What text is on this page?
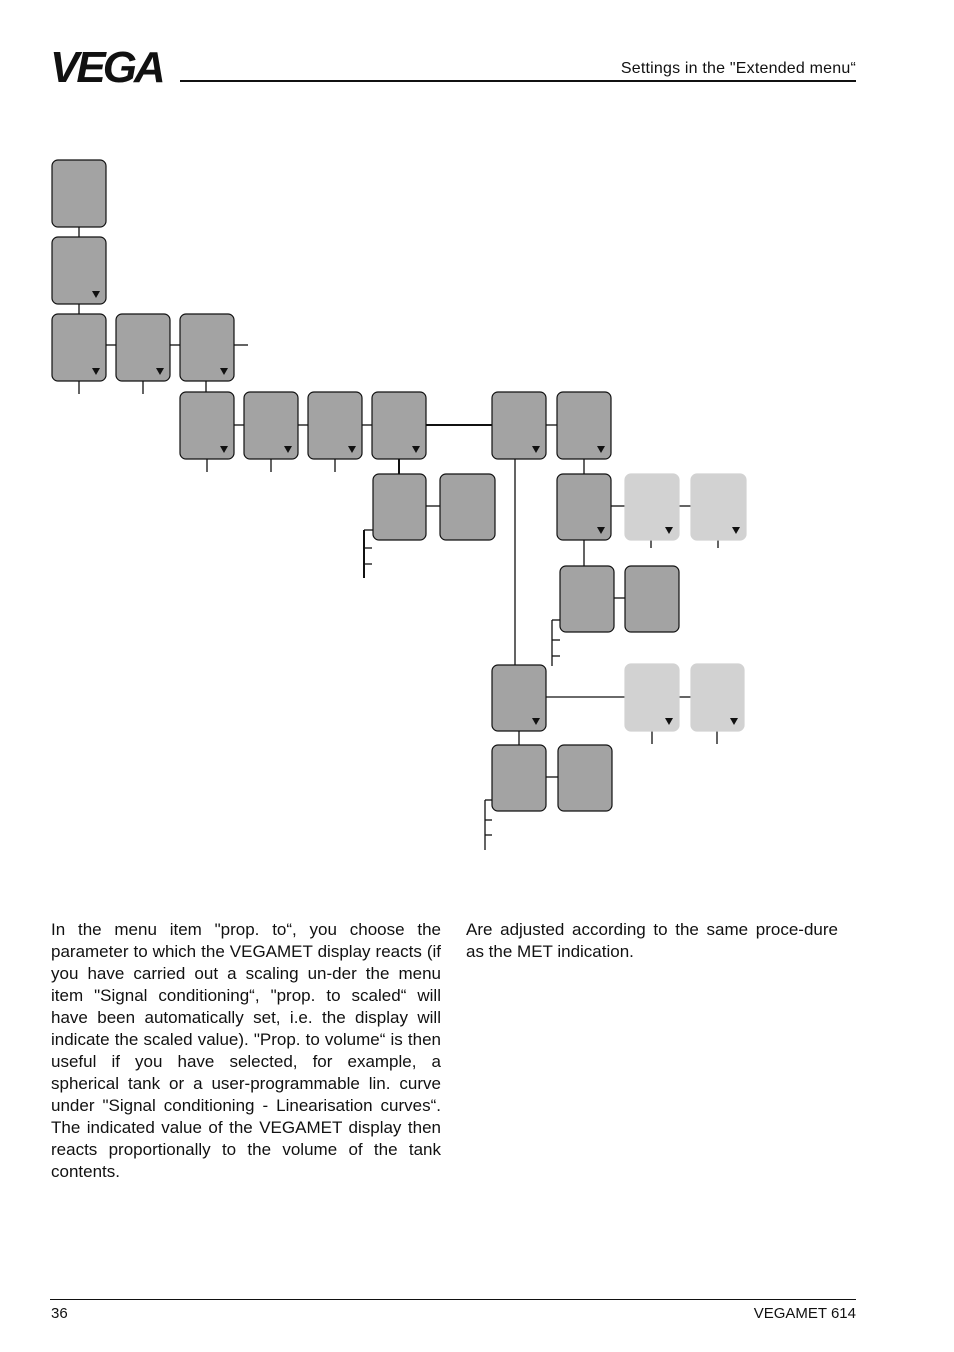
VEGA	Settings in the "Extended menu“
In the menu item "prop. to“, you choose the parameter to which the VEGAMET display reacts (if you have carried out a scaling un-der the menu item "Signal conditioning“, "prop. to scaled“ will have been automatically set, i.e. the display will indicate the scaled value). "Prop. to volume“ is then useful if you have selected, for example, a spherical tank or a user-programmable lin. curve under "Signal conditioning - Linearisation curves“. The indicated value of the VEGAMET display then reacts proportionally to the volume of the tank contents.
Are adjusted according to the same proce-dure as the MET indication.
36	VEGAMET 614
